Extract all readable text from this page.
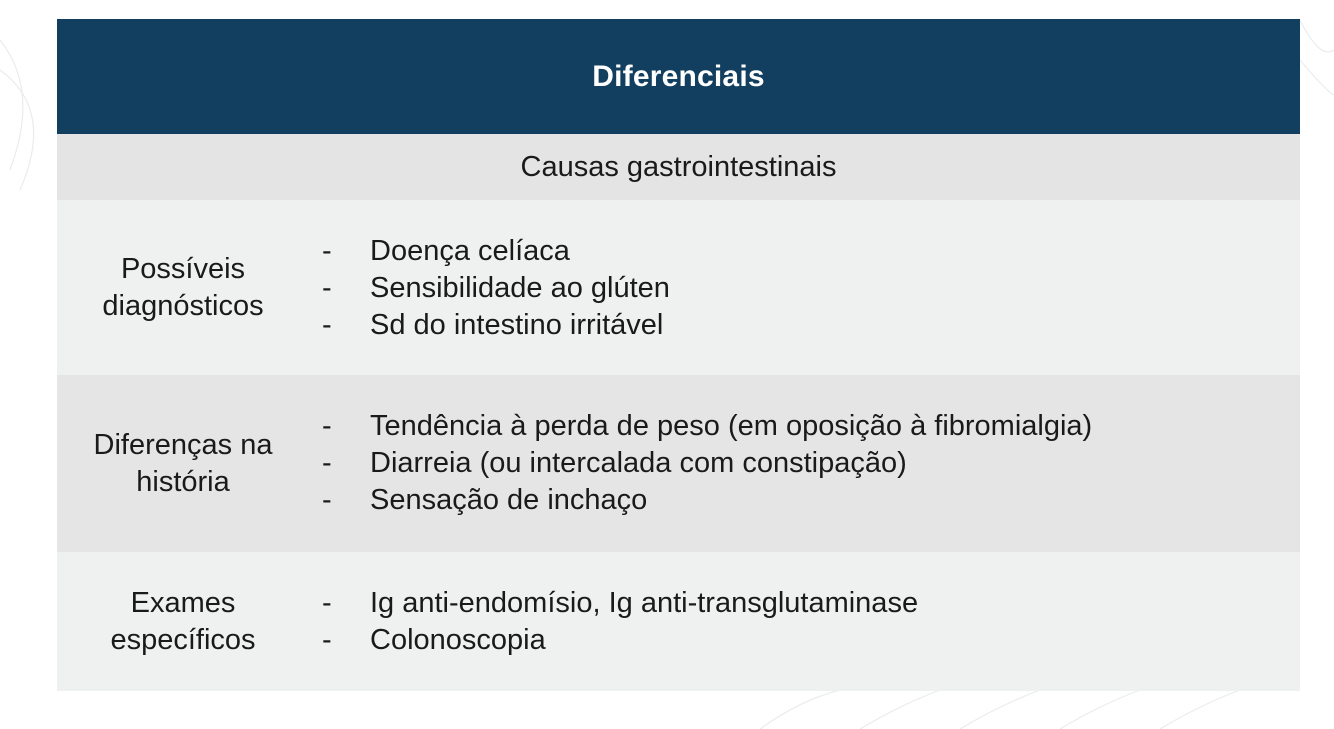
Diferenciais
Causas gastrointestinais
Possíveis
diagnósticos
-	Doença celíaca
-	Sensibilidade ao glúten
-	Sd do intestino irritável
Diferenças na
história
-	Tendência à perda de peso (em oposição à fibromialgia)
-	Diarreia (ou intercalada com constipação)
-	Sensação de inchaço
Exames
específicos
-	Ig anti-endomísio, Ig anti-transglutaminase
-	Colonoscopia
